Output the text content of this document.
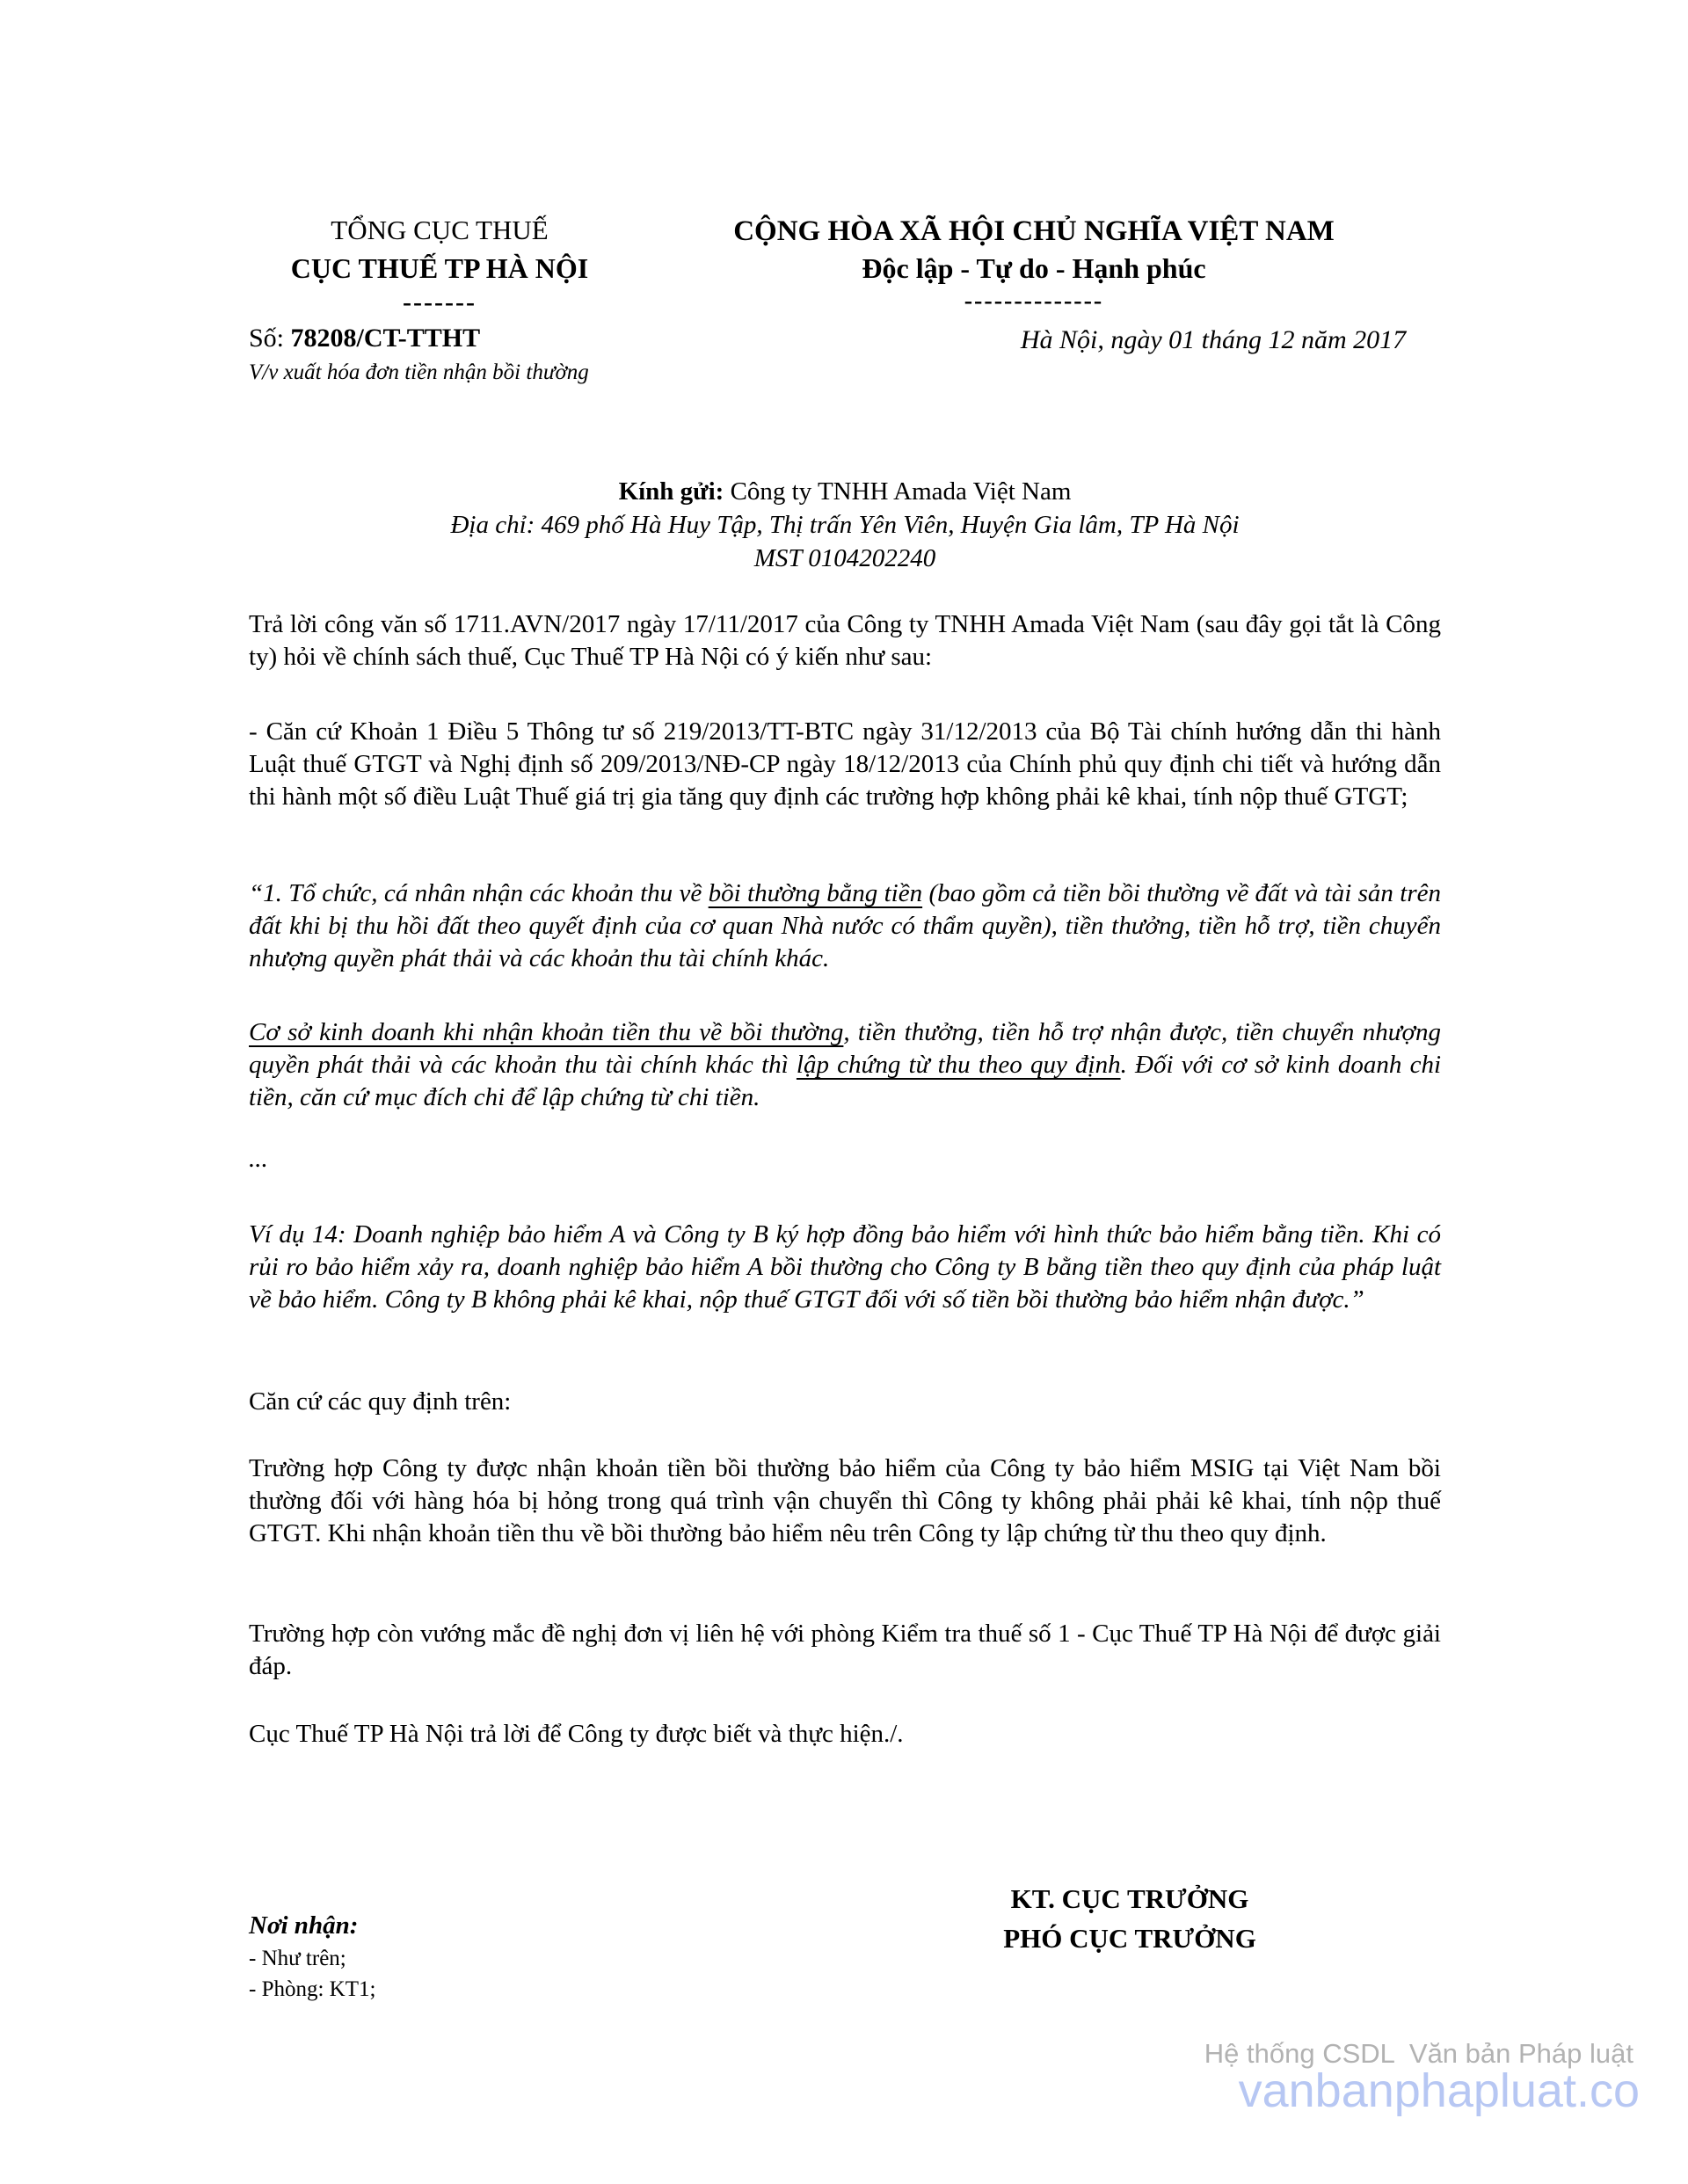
TỔNG CỤC THUẾ
CỤC THUẾ TP HÀ NỘI
-------
CỘNG HÒA XÃ HỘI CHỦ NGHĨA VIỆT NAM
Độc lập - Tự do - Hạnh phúc
--------------
Số: 78208/CT-TTHT
V/v xuất hóa đơn tiền nhận bồi thường
Hà Nội, ngày 01 tháng 12 năm 2017
Kính gửi: Công ty TNHH Amada Việt Nam
Địa chỉ: 469 phố Hà Huy Tập, Thị trấn Yên Viên, Huyện Gia lâm, TP Hà Nội
MST 0104202240
Trả lời công văn số 1711.AVN/2017 ngày 17/11/2017 của Công ty TNHH Amada Việt Nam (sau đây gọi tắt là Công ty) hỏi về chính sách thuế, Cục Thuế TP Hà Nội có ý kiến như sau:
- Căn cứ Khoản 1 Điều 5 Thông tư số 219/2013/TT-BTC ngày 31/12/2013 của Bộ Tài chính hướng dẫn thi hành Luật thuế GTGT và Nghị định số 209/2013/NĐ-CP ngày 18/12/2013 của Chính phủ quy định chi tiết và hướng dẫn thi hành một số điều Luật Thuế giá trị gia tăng quy định các trường hợp không phải kê khai, tính nộp thuế GTGT;
“1. Tổ chức, cá nhân nhận các khoản thu về bồi thường bằng tiền (bao gồm cả tiền bồi thường về đất và tài sản trên đất khi bị thu hồi đất theo quyết định của cơ quan Nhà nước có thẩm quyền), tiền thưởng, tiền hỗ trợ, tiền chuyển nhượng quyền phát thải và các khoản thu tài chính khác.
Cơ sở kinh doanh khi nhận khoản tiền thu về bồi thường, tiền thưởng, tiền hỗ trợ nhận được, tiền chuyển nhượng quyền phát thải và các khoản thu tài chính khác thì lập chứng từ thu theo quy định. Đối với cơ sở kinh doanh chi tiền, căn cứ mục đích chi để lập chứng từ chi tiền.
...
Ví dụ 14: Doanh nghiệp bảo hiểm A và Công ty B ký hợp đồng bảo hiểm với hình thức bảo hiểm bằng tiền. Khi có rủi ro bảo hiểm xảy ra, doanh nghiệp bảo hiểm A bồi thường cho Công ty B bằng tiền theo quy định của pháp luật về bảo hiểm. Công ty B không phải kê khai, nộp thuế GTGT đối với số tiền bồi thường bảo hiểm nhận được.”
Căn cứ các quy định trên:
Trường hợp Công ty được nhận khoản tiền bồi thường bảo hiểm của Công ty bảo hiểm MSIG tại Việt Nam bồi thường đối với hàng hóa bị hỏng trong quá trình vận chuyển thì Công ty không phải phải kê khai, tính nộp thuế GTGT. Khi nhận khoản tiền thu về bồi thường bảo hiểm nêu trên Công ty lập chứng từ thu theo quy định.
Trường hợp còn vướng mắc đề nghị đơn vị liên hệ với phòng Kiểm tra thuế số 1 - Cục Thuế TP Hà Nội để được giải đáp.
Cục Thuế TP Hà Nội trả lời để Công ty được biết và thực hiện./.
KT. CỤC TRƯỞNG
PHÓ CỤC TRƯỞNG
Nơi nhận:
- Như trên;
- Phòng: KT1;
Hệ thống CSDL Văn bản Pháp luật
vanbanphapluat.co
